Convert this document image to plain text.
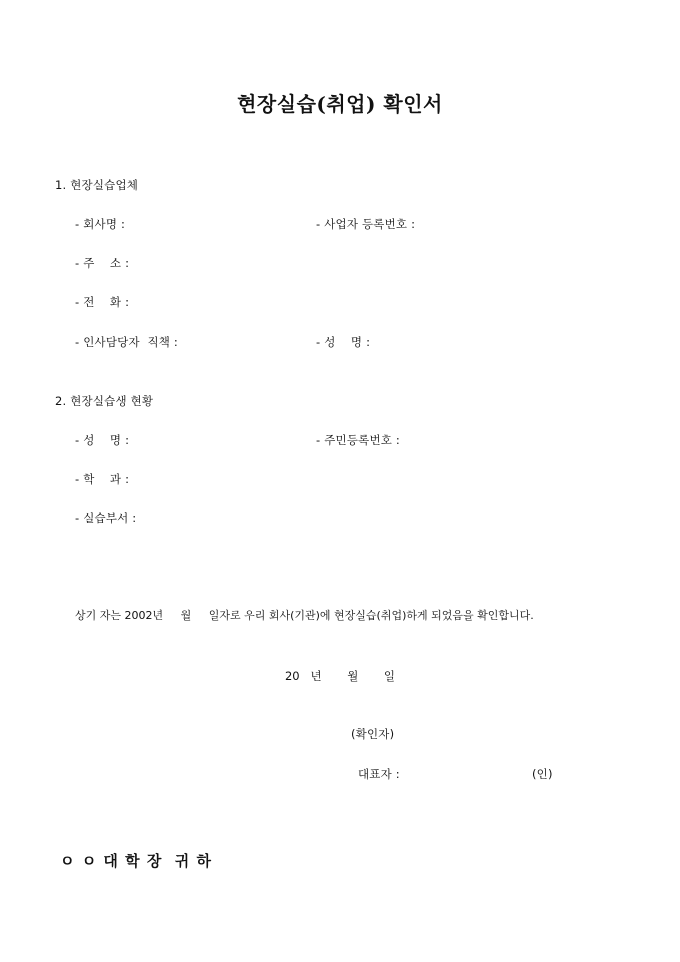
현장실습(취업) 확인서
1. 현장실습업체
- 회사명 :	- 사업자 등록번호 :
- 주    소 :
- 전    화 :
- 인사담당자  직책 :	- 성    명 :
2. 현장실습생 현황
- 성    명 :	- 주민등록번호 :
- 학    과 :
- 실습부서 :
상기 자는 2002년     월     일자로 우리 회사(기관)에 현장실습(취업)하게 되었음을 확인합니다.
20   년       월       일
(확인자)
대표자 :	(인)
ㅇ ㅇ 대 학 장  귀 하
